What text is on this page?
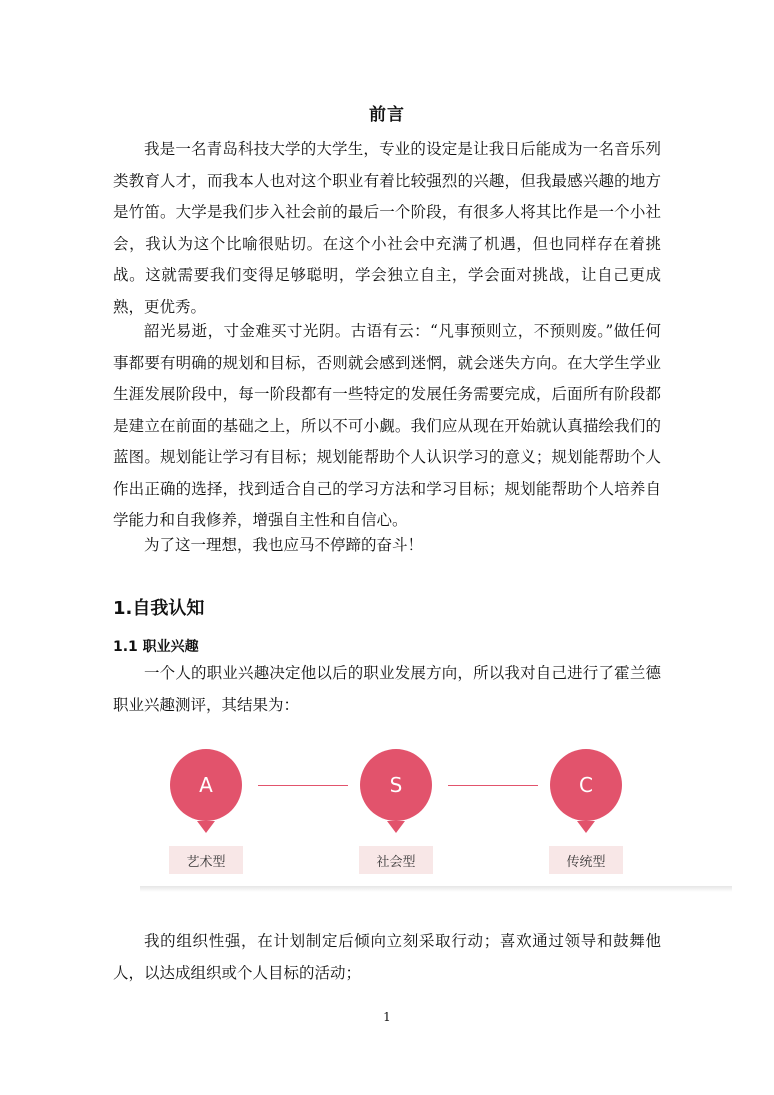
前言

我是一名青岛科技大学的大学生，专业的设定是让我日后能成为一名音乐列类教育人才，而我本人也对这个职业有着比较强烈的兴趣，但我最感兴趣的地方是竹笛。大学是我们步入社会前的最后一个阶段，有很多人将其比作是一个小社会，我认为这个比喻很贴切。在这个小社会中充满了机遇，但也同样存在着挑战。这就需要我们变得足够聪明，学会独立自主，学会面对挑战，让自己更成熟，更优秀。

韶光易逝，寸金难买寸光阴。古语有云：“凡事预则立，不预则废。”做任何事都要有明确的规划和目标，否则就会感到迷惘，就会迷失方向。在大学生学业生涯发展阶段中，每一阶段都有一些特定的发展任务需要完成，后面所有阶段都是建立在前面的基础之上，所以不可小觑。我们应从现在开始就认真描绘我们的蓝图。规划能让学习有目标；规划能帮助个人认识学习的意义；规划能帮助个人作出正确的选择，找到适合自己的学习方法和学习目标；规划能帮助个人培养自学能力和自我修养，增强自主性和自信心。

为了这一理想，我也应马不停蹄的奋斗！

1.自我认知
1.1 职业兴趣

一个人的职业兴趣决定他以后的职业发展方向，所以我对自己进行了霍兰德职业兴趣测评，其结果为：

A
艺术型
S
社会型
C
传统型

我的组织性强，在计划制定后倾向立刻采取行动；喜欢通过领导和鼓舞他人，以达成组织或个人目标的活动；

1
